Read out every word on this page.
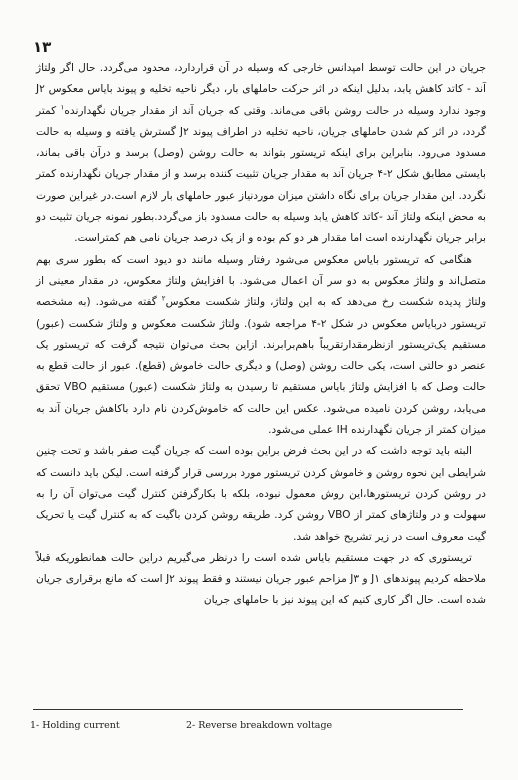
۱۳

جریان در این حالت توسط امپدانس خارجی که وسیله در آن قراردارد، محدود می‌گردد. حال اگر ولتاژ آند - کاتد کاهش یابد، بدلیل اینکه در اثر حرکت حاملهای بار، دیگر ناحیه تخلیه و پیوند بایاس معکوس J۲ وجود ندارد وسیله در حالت روشن باقی می‌ماند. وقتی که جریان آند از مقدار جریان نگهدارنده$^۱$ کمتر گردد، در اثر کم شدن حاملهای جریان، ناحیه تخلیه در اطراف پیوند J۲ گسترش یافته و وسیله به حالت مسدود می‌رود. بنابراین برای اینکه تریستور بتواند به حالت روشن (وصل) برسد و درآن باقی بماند، بایستی مطابق شکل ۲-۴ جریان آند به مقدار جریان تثبیت کننده برسد و از مقدار جریان نگهدارنده کمتر نگردد. این مقدار جریان برای نگاه داشتن میزان موردنیاز عبور حاملهای بار لازم است.در غیراین صورت به محض اینکه ولتاژ آند -کاتد کاهش یابد وسیله به حالت مسدود باز می‌گردد.بطور نمونه جریان تثبیت دو برابر جریان نگهدارنده است اما مقدار هر دو کم بوده و از یک درصد جریان نامی هم کمتراست.

هنگامی که تریستور بایاس معکوس می‌شود رفتار وسیله مانند دو دیود است که بطور سری بهم متصل‌اند و ولتاژ معکوس به دو سر آن اعمال می‌شود. با افزایش ولتاژ معکوس، در مقدار معینی از ولتاژ پدیده شکست رخ می‌دهد که به این ولتاژ، ولتاژ شکست معکوس$^۲$ گفته می‌شود. (به مشخصه تریستور دربایاس معکوس در شکل ۲-۴ مراجعه شود). ولتاژ شکست معکوس و ولتاژ شکست (عبور) مستقیم یک‌تریستور ازنظرمقدارتقریباً باهم‌برابرند. ازاین بحث می‌توان نتیجه گرفت که تریستور یک عنصر دو حالتی است، یکی حالت روشن (وصل) و دیگری حالت خاموش (قطع). عبور از حالت قطع به حالت وصل که با افزایش ولتاژ بایاس مستقیم تا رسیدن به ولتاژ شکست (عبور) مستقیم VBO تحقق می‌یابد، روشن کردن نامیده می‌شود. عکس این حالت که خاموش‌کردن نام دارد باکاهش جریان آند به میزان کمتر از جریان نگهدارنده IH عملی می‌شود.

البته باید توجه داشت که در این بحث فرض براین بوده است که جریان گیت صفر باشد و تحت چنین شرایطی این نحوه روشن و خاموش کردن تریستور مورد بررسی قرار گرفته است. لیکن باید دانست که در روشن کردن تریستورها،این روش معمول نبوده، بلکه با بکارگرفتن کنترل گیت می‌توان آن را به سهولت و در ولتاژهای کمتر از VBO روشن کرد. طریقه روشن کردن باگیت که به کنترل گیت یا تحریک گیت معروف است در زیر تشریح خواهد شد.

تریستوری که در جهت مستقیم بایاس شده است را درنظر می‌گیریم دراین حالت همانطوریکه قبلاً ملاحظه کردیم پیوندهای J۱ و J۳ مزاحم عبور جریان نیستند و فقط پیوند J۲ است که مانع برقراری جریان شده است. حال اگر کاری کنیم که این پیوند نیز با حاملهای جریان

1- Holding current	2- Reverse breakdown voltage
